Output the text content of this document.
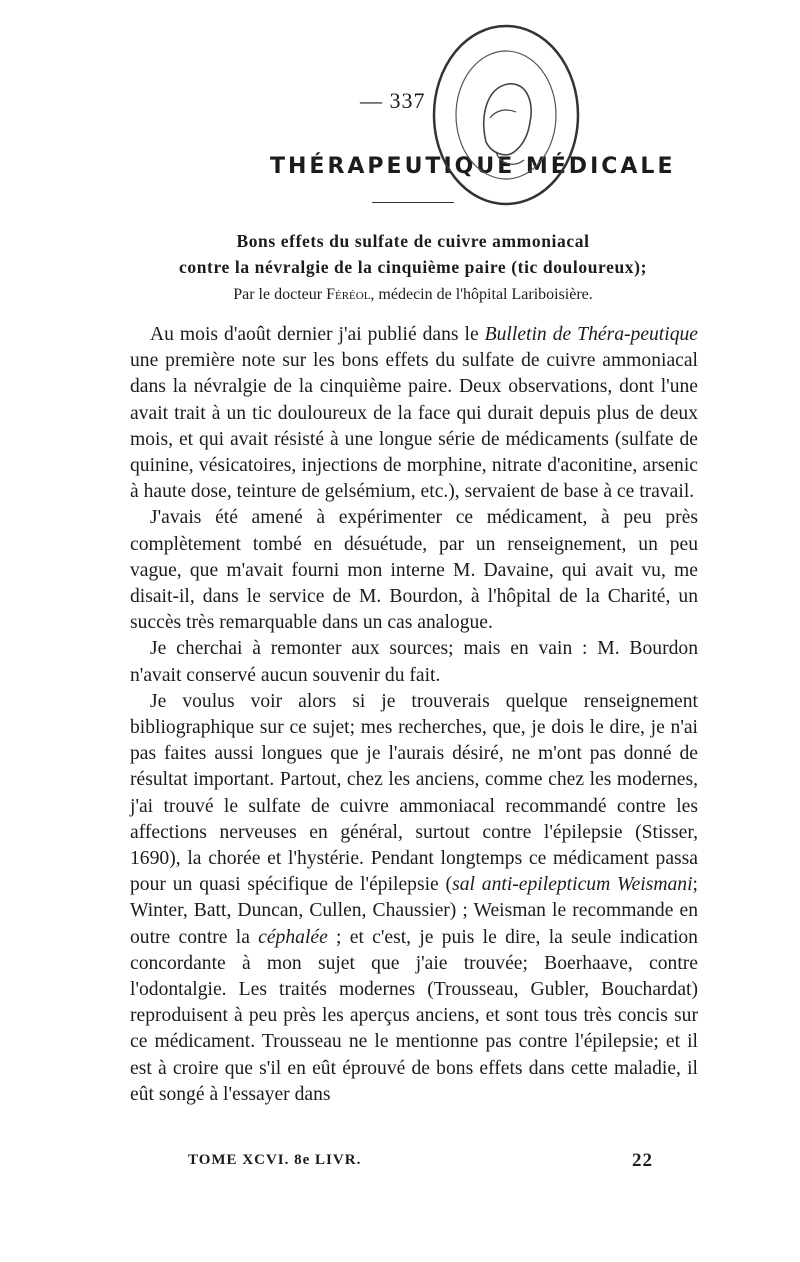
— 337
THÉRAPEUTIQUE MÉDICALE
Bons effets du sulfate de cuivre ammoniacal
contre la névralgie de la cinquième paire (tic douloureux);
Par le docteur Féréol, médecin de l'hôpital Lariboisière.

Au mois d'août dernier j'ai publié dans le Bulletin de Théra-peutique une première note sur les bons effets du sulfate de cuivre ammoniacal dans la névralgie de la cinquième paire. Deux observations, dont l'une avait trait à un tic douloureux de la face qui durait depuis plus de deux mois, et qui avait résisté à une longue série de médicaments (sulfate de quinine, vésicatoires, injections de morphine, nitrate d'aconitine, arsenic à haute dose, teinture de gelsémium, etc.), servaient de base à ce travail.

J'avais été amené à expérimenter ce médicament, à peu près complètement tombé en désuétude, par un renseignement, un peu vague, que m'avait fourni mon interne M. Davaine, qui avait vu, me disait-il, dans le service de M. Bourdon, à l'hôpital de la Charité, un succès très remarquable dans un cas analogue.

Je cherchai à remonter aux sources; mais en vain : M. Bourdon n'avait conservé aucun souvenir du fait.

Je voulus voir alors si je trouverais quelque renseignement bibliographique sur ce sujet; mes recherches, que, je dois le dire, je n'ai pas faites aussi longues que je l'aurais désiré, ne m'ont pas donné de résultat important. Partout, chez les anciens, comme chez les modernes, j'ai trouvé le sulfate de cuivre ammoniacal recommandé contre les affections nerveuses en général, surtout contre l'épilepsie (Stisser, 1690), la chorée et l'hystérie. Pendant longtemps ce médicament passa pour un quasi spécifique de l'épilepsie (sal anti-epilepticum Weismani; Winter, Batt, Duncan, Cullen, Chaussier) ; Weisman le recommande en outre contre la céphalée ; et c'est, je puis le dire, la seule indication concordante à mon sujet que j'aie trouvée; Boerhaave, contre l'odontalgie. Les traités modernes (Trousseau, Gubler, Bouchardat) reproduisent à peu près les aperçus anciens, et sont tous très concis sur ce médicament. Trousseau ne le mentionne pas contre l'épilepsie; et il est à croire que s'il en eût éprouvé de bons effets dans cette maladie, il eût songé à l'essayer dans

TOME XCVI. 8e LIVR.	22
